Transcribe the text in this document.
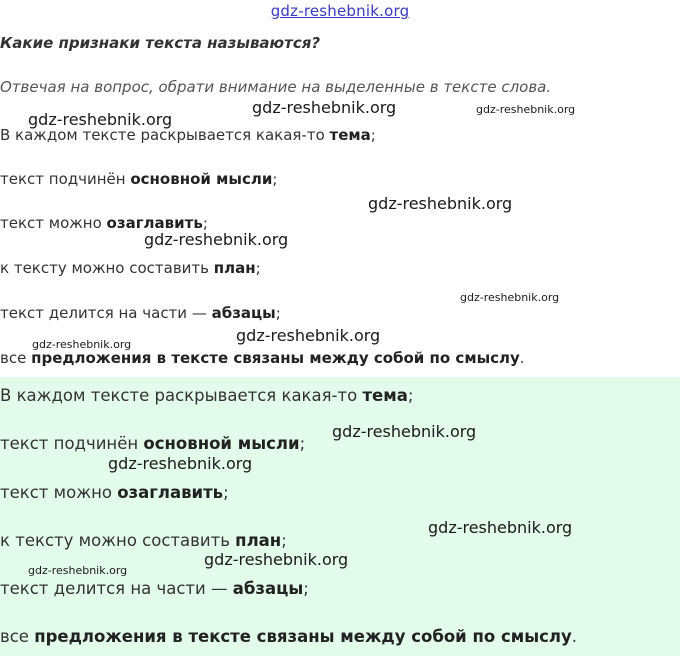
gdz-reshebnik.org
Какие признаки текста называются?
Отвечая на вопрос, обрати внимание на выделенные в тексте слова.
В каждом тексте раскрывается какая-то тема;
текст подчинён основной мысли;
текст можно озаглавить;
к тексту можно составить план;
текст делится на части — абзацы;
все предложения в тексте связаны между собой по смыслу.
В каждом тексте раскрывается какая-то тема;
текст подчинён основной мысли;
текст можно озаглавить;
к тексту можно составить план;
текст делится на части — абзацы;
все предложения в тексте связаны между собой по смыслу.
gdz-reshebnik.org
gdz-reshebnik.org	gdz-reshebnik.org
gdz-reshebnik.org
gdz-reshebnik.org
gdz-reshebnik.org
gdz-reshebnik.org	gdz-reshebnik.org
gdz-reshebnik.org
gdz-reshebnik.org
gdz-reshebnik.org
gdz-reshebnik.org
gdz-reshebnik.org
